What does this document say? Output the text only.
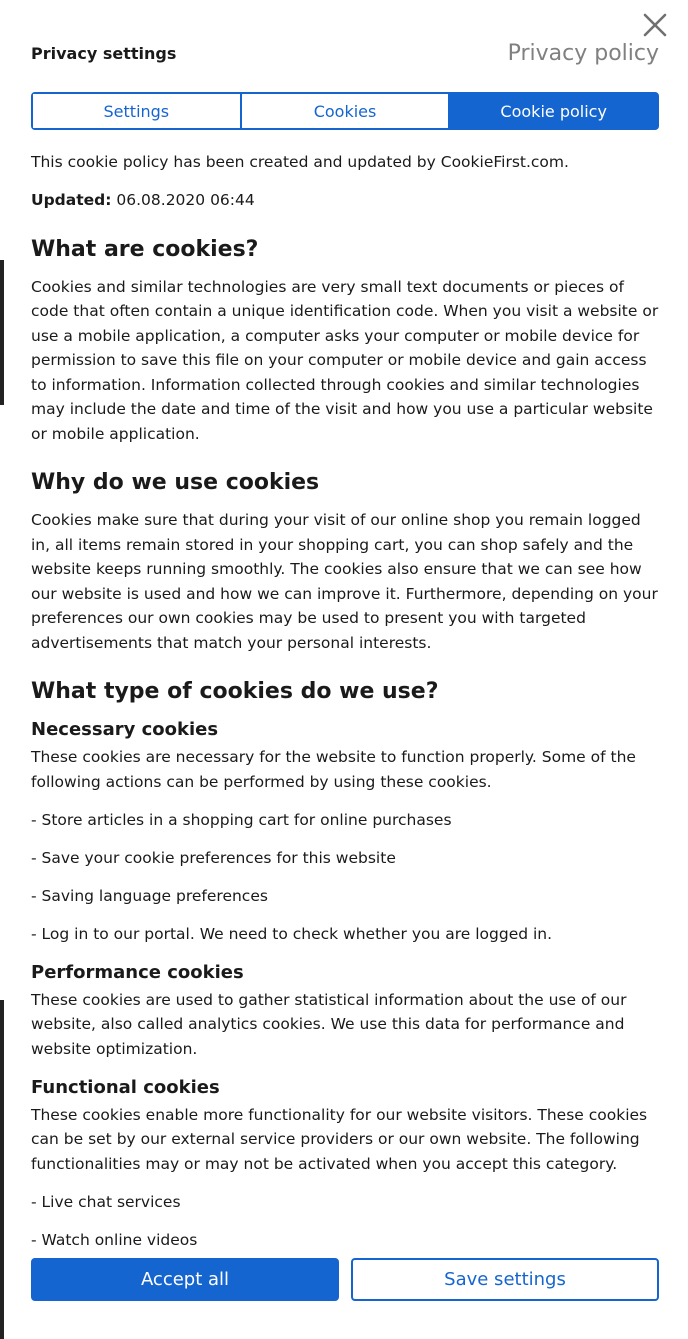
Privacy settings	Privacy policy
Settings	Cookies	Cookie policy

This cookie policy has been created and updated by CookieFirst.com.

Updated: 06.08.2020 06:44

What are cookies?

Cookies and similar technologies are very small text documents or pieces of code that often contain a unique identification code. When you visit a website or use a mobile application, a computer asks your computer or mobile device for permission to save this file on your computer or mobile device and gain access to information. Information collected through cookies and similar technologies may include the date and time of the visit and how you use a particular website or mobile application.

Why do we use cookies

Cookies make sure that during your visit of our online shop you remain logged in, all items remain stored in your shopping cart, you can shop safely and the website keeps running smoothly. The cookies also ensure that we can see how our website is used and how we can improve it. Furthermore, depending on your preferences our own cookies may be used to present you with targeted advertisements that match your personal interests.

What type of cookies do we use?
Necessary cookies

These cookies are necessary for the website to function properly. Some of the following actions can be performed by using these cookies.

- Store articles in a shopping cart for online purchases

- Save your cookie preferences for this website

- Saving language preferences

- Log in to our portal. We need to check whether you are logged in.

Performance cookies

These cookies are used to gather statistical information about the use of our website, also called analytics cookies. We use this data for performance and website optimization.

Functional cookies

These cookies enable more functionality for our website visitors. These cookies can be set by our external service providers or our own website. The following functionalities may or may not be activated when you accept this category.

- Live chat services

- Watch online videos

Accept all	Save settings
